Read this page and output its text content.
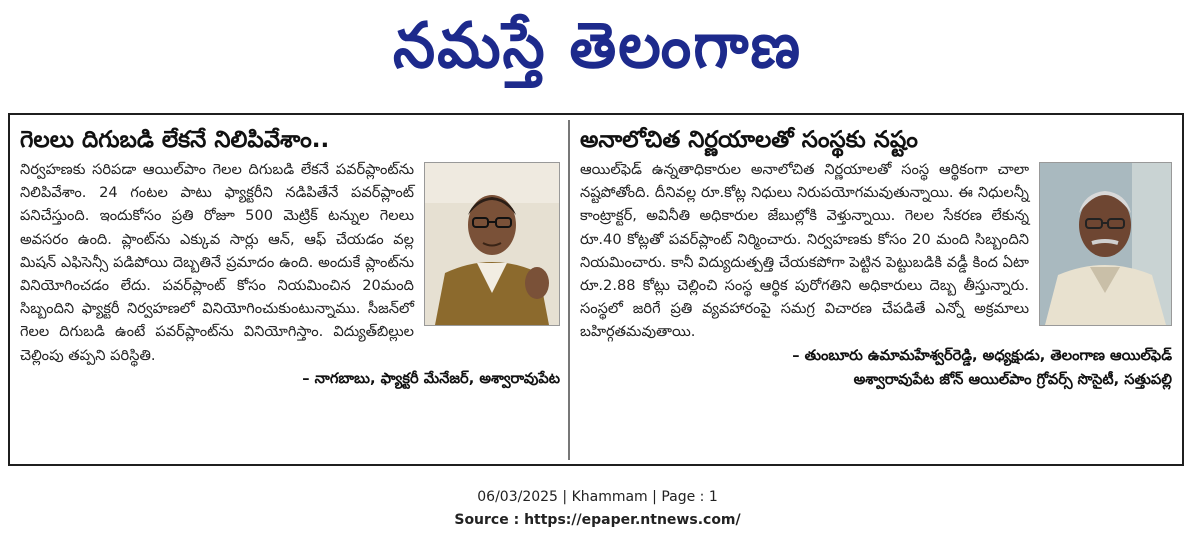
నమస్తే తెలంగాణ
గెలలు దిగుబడి లేకనే నిలిపివేశాం..
నిర్వహణకు సరిపడా ఆయిల్‌పాం గెలల దిగుబడి లేకనే పవర్‌ప్లాంట్‌ను నిలిపివేశాం. 24 గంటల పాటు ఫ్యాక్టరీని నడిపితేనే పవర్‌ప్లాంట్ పనిచేస్తుంది. ఇందుకోసం ప్రతి రోజూ 500 మెట్రిక్ టన్నుల గెలలు అవసరం ఉంది. ప్లాంట్‌ను ఎక్కువ సార్లు ఆన్, ఆఫ్ చేయడం వల్ల మిషన్ ఎఫిసెన్సీ పడిపోయి దెబ్బతినే ప్రమాదం ఉంది. అందుకే ప్లాంట్‌ను వినియోగించడం లేదు. పవర్‌ప్లాంట్ కోసం నియమించిన 20మంది సిబ్బందిని ఫ్యాక్టరీ నిర్వహణలో వినియోగించుకుంటున్నాము. సీజన్‌లో గెలల దిగుబడి ఉంటే పవర్‌ప్లాంట్‌ను వినియోగిస్తాం. విద్యుత్‌బిల్లుల చెల్లింపు తప్పని పరిస్థితి.
– నాగబాబు, ఫ్యాక్టరీ మేనేజర్, అశ్వారావుపేట
అనాలోచిత నిర్ణయాలతో సంస్థకు నష్టం
ఆయిల్‌ఫెడ్ ఉన్నతాధికారుల అనాలోచిత నిర్ణయాలతో సంస్థ ఆర్థికంగా చాలా నష్టపోతోంది. దీనివల్ల రూ.కోట్ల నిధులు నిరుపయోగమవుతున్నాయి. ఈ నిధులన్నీ కాంట్రాక్టర్, అవినీతి అధికారుల జేబుల్లోకి వెళ్తున్నాయి. గెలల సేకరణ లేకున్న రూ.40 కోట్లతో పవర్‌ప్లాంట్ నిర్మించారు. నిర్వహణకు కోసం 20 మంది సిబ్బందిని నియమించారు. కానీ విద్యుదుత్పత్తి చేయకపోగా పెట్టిన పెట్టుబడికి వడ్డీ కింద ఏటా రూ.2.88 కోట్లు చెల్లించి సంస్థ ఆర్థిక పురోగతిని అధికారులు దెబ్బ తీస్తున్నారు. సంస్థలో జరిగే ప్రతి వ్యవహారంపై సమగ్ర విచారణ చేపడితే ఎన్నో అక్రమాలు బహిర్గతమవుతాయి.
– తుంబూరు ఉమామహేశ్వర్‌రెడ్డి, అధ్యక్షుడు, తెలంగాణ ఆయిల్‌ఫెడ్
అశ్వారావుపేట జోన్ ఆయిల్‌పాం గ్రోవర్స్ సొసైటీ, సత్తుపల్లి
06/03/2025 | Khammam | Page : 1
Source : https://epaper.ntnews.com/
